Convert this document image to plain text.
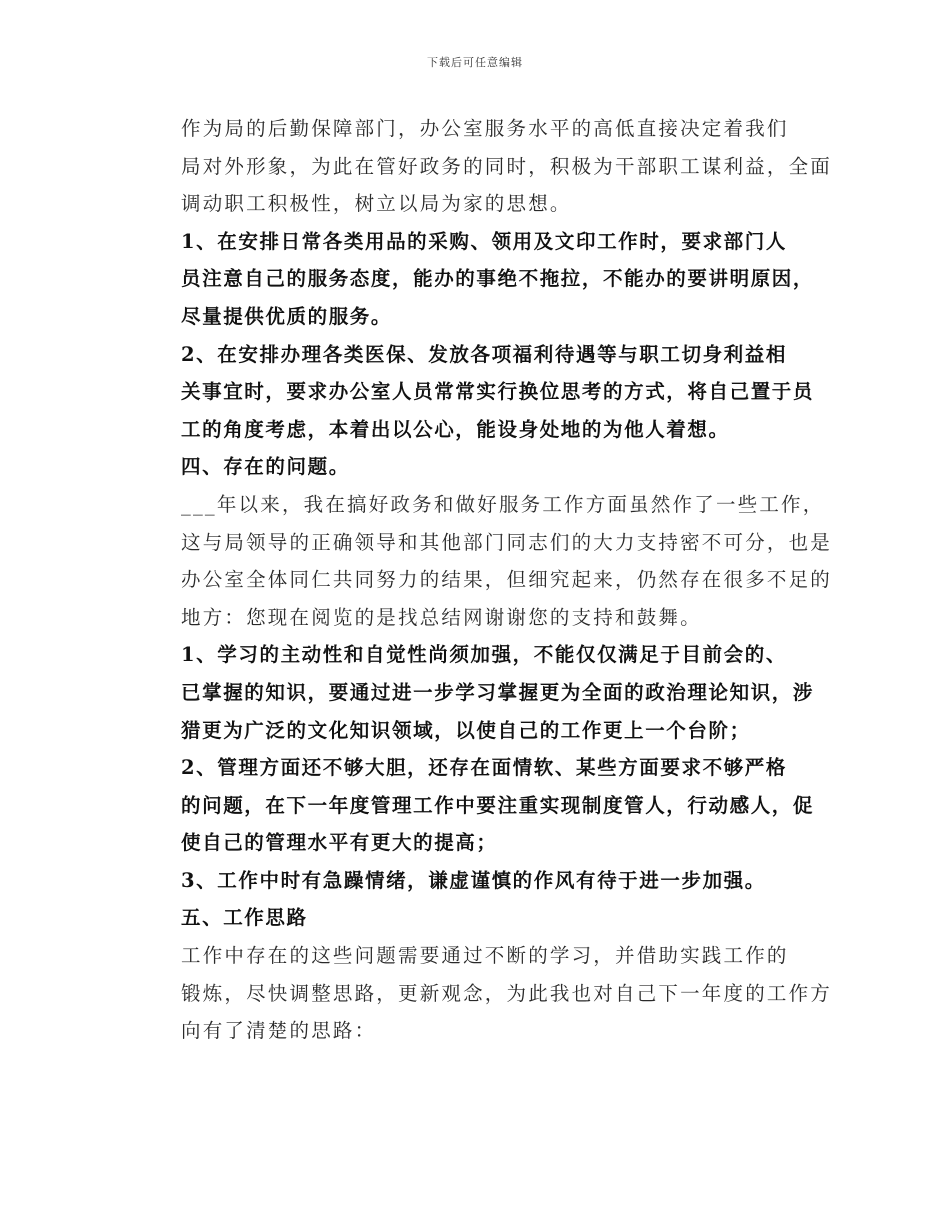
下载后可任意编辑

作为局的后勤保障部门，办公室服务水平的高低直接决定着我们
局对外形象，为此在管好政务的同时，积极为干部职工谋利益，全面
调动职工积极性，树立以局为家的思想。

1、在安排日常各类用品的采购、领用及文印工作时，要求部门人
员注意自己的服务态度，能办的事绝不拖拉，不能办的要讲明原因，
尽量提供优质的服务。

2、在安排办理各类医保、发放各项福利待遇等与职工切身利益相
关事宜时，要求办公室人员常常实行换位思考的方式，将自己置于员
工的角度考虑，本着出以公心，能设身处地的为他人着想。

四、存在的问题。

___年以来，我在搞好政务和做好服务工作方面虽然作了一些工作，
这与局领导的正确领导和其他部门同志们的大力支持密不可分，也是
办公室全体同仁共同努力的结果，但细究起来，仍然存在很多不足的
地方：您现在阅览的是找总结网谢谢您的支持和鼓舞。

1、学习的主动性和自觉性尚须加强，不能仅仅满足于目前会的、
已掌握的知识，要通过进一步学习掌握更为全面的政治理论知识，涉
猎更为广泛的文化知识领域，以使自己的工作更上一个台阶；

2、管理方面还不够大胆，还存在面情软、某些方面要求不够严格
的问题，在下一年度管理工作中要注重实现制度管人，行动感人，促
使自己的管理水平有更大的提高；

3、工作中时有急躁情绪，谦虚谨慎的作风有待于进一步加强。

五、工作思路

工作中存在的这些问题需要通过不断的学习，并借助实践工作的
锻炼，尽快调整思路，更新观念，为此我也对自己下一年度的工作方
向有了清楚的思路：
